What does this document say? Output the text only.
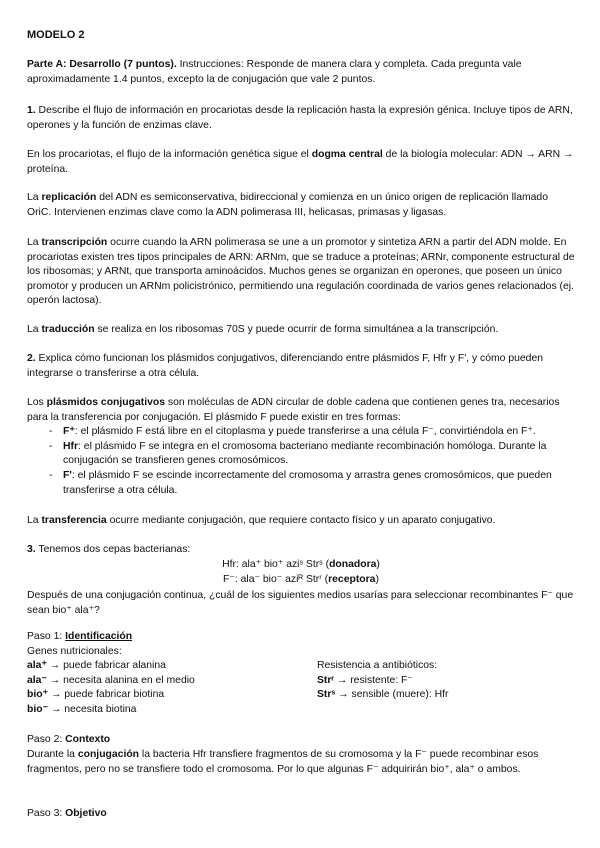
MODELO 2

Parte A: Desarrollo (7 puntos). Instrucciones: Responde de manera clara y completa. Cada pregunta vale aproximadamente 1.4 puntos, excepto la de conjugación que vale 2 puntos.

1. Describe el flujo de información en procariotas desde la replicación hasta la expresión génica. Incluye tipos de ARN, operones y la función de enzimas clave.

En los procariotas, el flujo de la información genética sigue el dogma central de la biología molecular: ADN → ARN → proteína.

La replicación del ADN es semiconservativa, bidireccional y comienza en un único origen de replicación llamado OriC. Intervienen enzimas clave como la ADN polimerasa III, helicasas, primasas y ligasas.

La transcripción ocurre cuando la ARN polimerasa se une a un promotor y sintetiza ARN a partir del ADN molde. En procariotas existen tres tipos principales de ARN: ARNm, que se traduce a proteínas; ARNr, componente estructural de los ribosomas; y ARNt, que transporta aminoácidos. Muchos genes se organizan en operones, que poseen un único promotor y producen un ARNm policistrónico, permitiendo una regulación coordinada de varios genes relacionados (ej. operón lactosa).

La traducción se realiza en los ribosomas 70S y puede ocurrir de forma simultánea a la transcripción.

2. Explica cómo funcionan los plásmidos conjugativos, diferenciando entre plásmidos F, Hfr y F', y cómo pueden integrarse o transferirse a otra célula.

Los plásmidos conjugativos son moléculas de ADN circular de doble cadena que contienen genes tra, necesarios para la transferencia por conjugación. El plásmido F puede existir en tres formas:
- F⁺: el plásmido F está libre en el citoplasma y puede transferirse a una célula F⁻, convirtiéndola en F⁺.
- Hfr: el plásmido F se integra en el cromosoma bacteriano mediante recombinación homóloga. Durante la conjugación se transfieren genes cromosómicos.
- F': el plásmido F se escinde incorrectamente del cromosoma y arrastra genes cromosómicos, que pueden transferirse a otra célula.

La transferencia ocurre mediante conjugación, que requiere contacto físico y un aparato conjugativo.

3. Tenemos dos cepas bacterianas:

Hfr: ala⁺ bio⁺ aziˢ Strˢ (donadora)
F⁻: ala⁻ bio⁻ aziᴿ Strʳ (receptora)

Después de una conjugación continua, ¿cuál de los siguientes medios usarías para seleccionar recombinantes F⁻ que sean bio⁺ ala⁺?

Paso 1: Identificación

Genes nutricionales:

ala⁺ → puede fabricar alanina
ala⁻ → necesita alanina en el medio
bio⁺ → puede fabricar biotina
bio⁻ → necesita biotina
Resistencia a antibióticos:
Strʳ → resistente: F⁻
Strˢ → sensible (muere): Hfr

Paso 2: Contexto

Durante la conjugación la bacteria Hfr transfiere fragmentos de su cromosoma y la F⁻ puede recombinar esos fragmentos, pero no se transfiere todo el cromosoma. Por lo que algunas F⁻ adquirirán bio⁺, ala⁺ o ambos.

Paso 3: Objetivo
